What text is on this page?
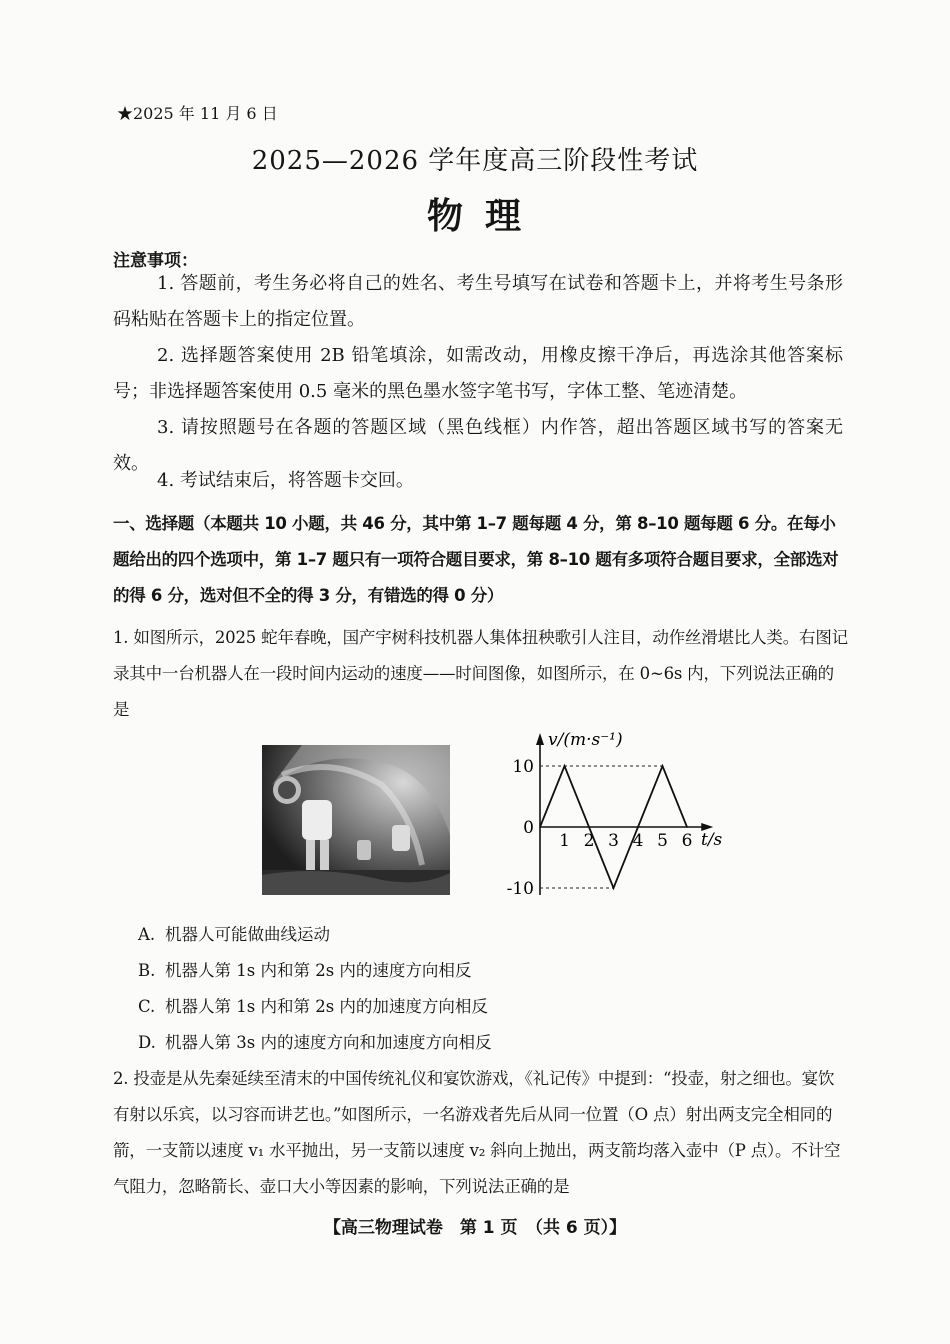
★2025 年 11 月 6 日
2025—2026 学年度高三阶段性考试
物理
注意事项：
1. 答题前，考生务必将自己的姓名、考生号填写在试卷和答题卡上，并将考生号条形码粘贴在答题卡上的指定位置。
2. 选择题答案使用 2B 铅笔填涂，如需改动，用橡皮擦干净后，再选涂其他答案标号；非选择题答案使用 0.5 毫米的黑色墨水签字笔书写，字体工整、笔迹清楚。
3. 请按照题号在各题的答题区域（黑色线框）内作答，超出答题区域书写的答案无效。
4. 考试结束后，将答题卡交回。
一、选择题（本题共 10 小题，共 46 分，其中第 1–7 题每题 4 分，第 8–10 题每题 6 分。在每小题给出的四个选项中，第 1–7 题只有一项符合题目要求，第 8–10 题有多项符合题目要求，全部选对的得 6 分，选对但不全的得 3 分，有错选的得 0 分）
1. 如图所示，2025 蛇年春晚，国产宇树科技机器人集体扭秧歌引人注目，动作丝滑堪比人类。右图记录其中一台机器人在一段时间内运动的速度——时间图像，如图所示，在 0~6s 内，下列说法正确的是
v/(m·s⁻¹)
t/s
10
0
-10
1 2 3 4 5 6
A. 机器人可能做曲线运动
B. 机器人第 1s 内和第 2s 内的速度方向相反
C. 机器人第 1s 内和第 2s 内的加速度方向相反
D. 机器人第 3s 内的速度方向和加速度方向相反
2. 投壶是从先秦延续至清末的中国传统礼仪和宴饮游戏，《礼记传》中提到：“投壶，射之细也。宴饮有射以乐宾，以习容而讲艺也。”如图所示，一名游戏者先后从同一位置（O 点）射出两支完全相同的箭，一支箭以速度 v₁ 水平抛出，另一支箭以速度 v₂ 斜向上抛出，两支箭均落入壶中（P 点）。不计空气阻力，忽略箭长、壶口大小等因素的影响，下列说法正确的是
【高三物理试卷　第 1 页　（共 6 页）】
